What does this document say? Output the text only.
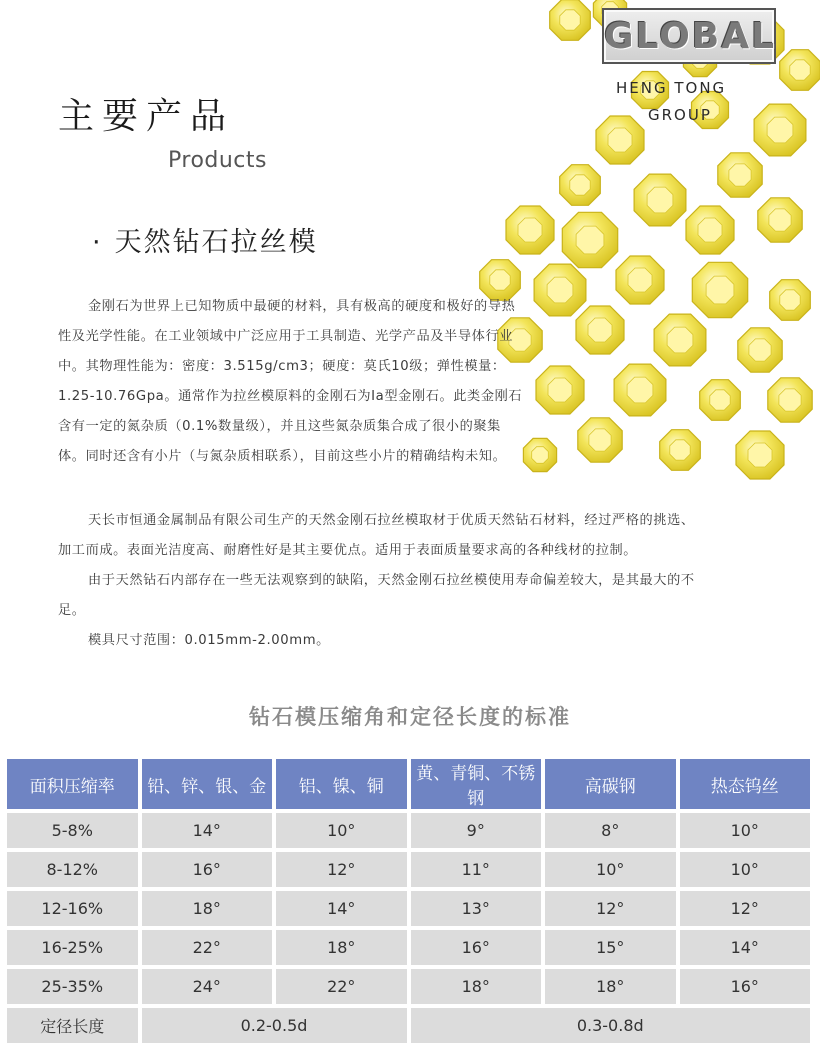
GLOBAL
HENG TONG
GROUP
主要产品
Products
· 天然钻石拉丝模
金刚石为世界上已知物质中最硬的材料，具有极高的硬度和极好的导热性及光学性能。在工业领域中广泛应用于工具制造、光学产品及半导体行业中。其物理性能为：密度：3.515g/cm3；硬度：莫氏10级；弹性模量：1.25-10.76Gpa。通常作为拉丝模原料的金刚石为Ia型金刚石。此类金刚石含有一定的氮杂质（0.1%数量级），并且这些氮杂质集合成了很小的聚集体。同时还含有小片（与氮杂质相联系），目前这些小片的精确结构未知。
天长市恒通金属制品有限公司生产的天然金刚石拉丝模取材于优质天然钻石材料，经过严格的挑选、加工而成。表面光洁度高、耐磨性好是其主要优点。适用于表面质量要求高的各种线材的拉制。
由于天然钻石内部存在一些无法观察到的缺陷，天然金刚石拉丝模使用寿命偏差较大，是其最大的不足。
模具尺寸范围：0.015mm-2.00mm。
钻石模压缩角和定径长度的标准
面积压缩率	铅、锌、银、金	铝、镍、铜	黄、青铜、不锈钢	高碳钢	热态钨丝
5-8%	14°	10°	9°	8°	10°
8-12%	16°	12°	11°	10°	10°
12-16%	18°	14°	13°	12°	12°
16-25%	22°	18°	16°	15°	14°
25-35%	24°	22°	18°	18°	16°
定径长度	0.2-0.5d		0.3-0.8d		
